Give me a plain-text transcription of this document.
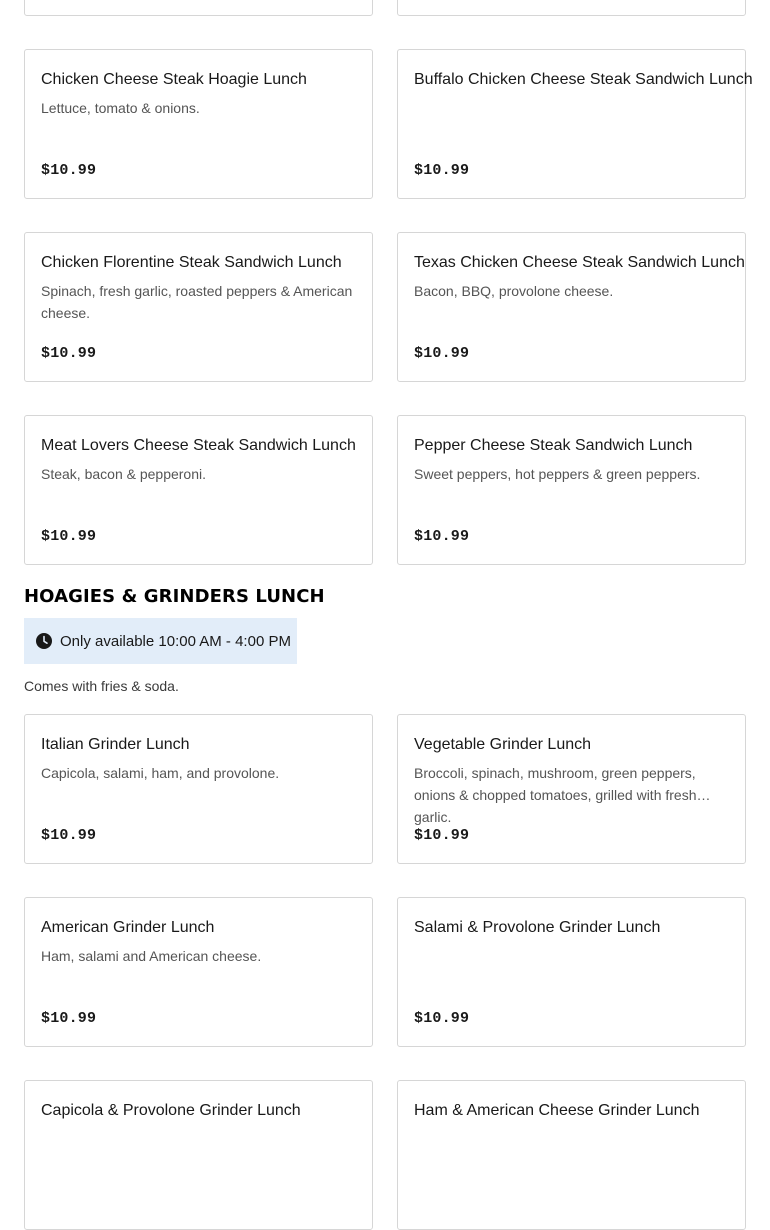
Chicken Cheese Steak Hoagie Lunch
Lettuce, tomato & onions.
$10.99
Buffalo Chicken Cheese Steak Sandwich Lunch
$10.99
Chicken Florentine Steak Sandwich Lunch
Spinach, fresh garlic, roasted peppers & American cheese.
$10.99
Texas Chicken Cheese Steak Sandwich Lunch
Bacon, BBQ, provolone cheese.
$10.99
Meat Lovers Cheese Steak Sandwich Lunch
Steak, bacon & pepperoni.
$10.99
Pepper Cheese Steak Sandwich Lunch
Sweet peppers, hot peppers & green peppers.
$10.99
HOAGIES & GRINDERS LUNCH
Only available 10:00 AM - 4:00 PM
Comes with fries & soda.
Italian Grinder Lunch
Capicola, salami, ham, and provolone.
$10.99
Vegetable Grinder Lunch
Broccoli, spinach, mushroom, green peppers, onions & chopped tomatoes, grilled with fresh garlic.
$10.99
American Grinder Lunch
Ham, salami and American cheese.
$10.99
Salami & Provolone Grinder Lunch
$10.99
Capicola & Provolone Grinder Lunch	Ham & American Cheese Grinder Lunch
